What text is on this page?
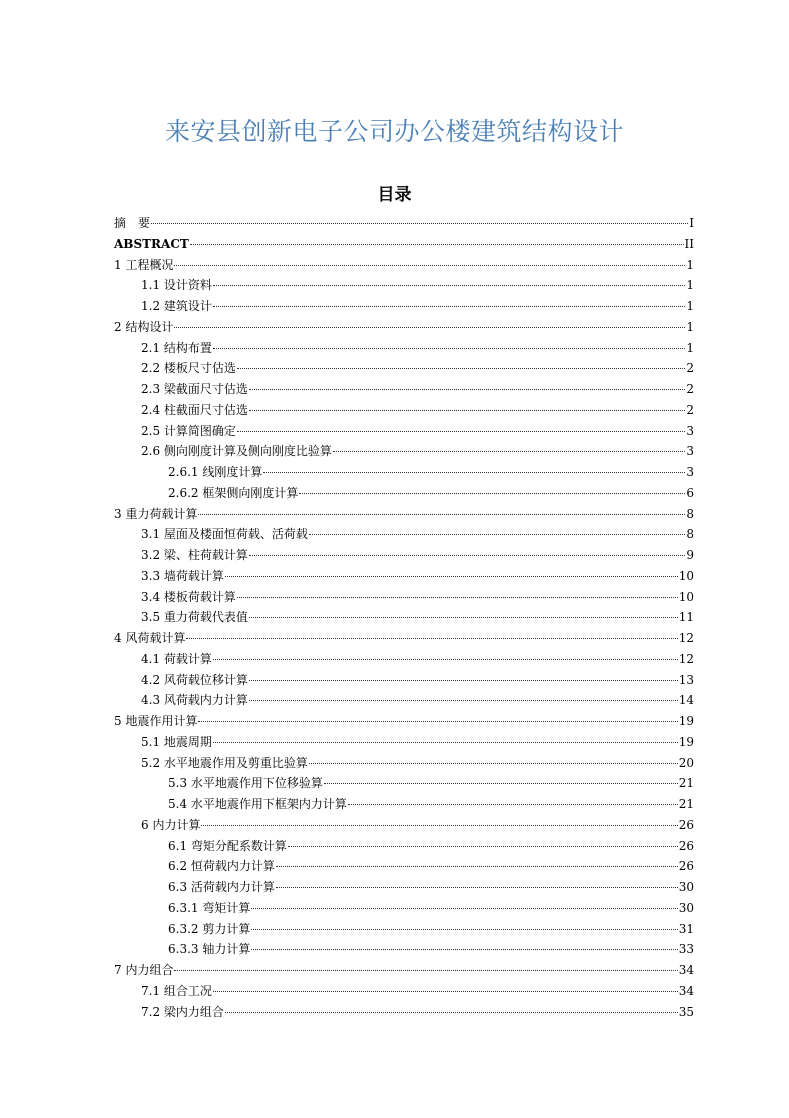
来安县创新电子公司办公楼建筑结构设计
目录
摘　要	I
ABSTRACT	II
1 工程概况	1
1.1 设计资料	1
1.2 建筑设计	1
2 结构设计	1
2.1 结构布置	1
2.2 楼板尺寸估选	2
2.3 梁截面尺寸估选	2
2.4 柱截面尺寸估选	2
2.5 计算简图确定	3
2.6 侧向刚度计算及侧向刚度比验算	3
2.6.1 线刚度计算	3
2.6.2 框架侧向刚度计算	6
3 重力荷载计算	8
3.1 屋面及楼面恒荷载、活荷载	8
3.2 梁、柱荷载计算	9
3.3 墙荷载计算	10
3.4 楼板荷载计算	10
3.5 重力荷载代表值	11
4 风荷载计算	12
4.1 荷载计算	12
4.2 风荷载位移计算	13
4.3 风荷载内力计算	14
5 地震作用计算	19
5.1 地震周期	19
5.2 水平地震作用及剪重比验算	20
5.3 水平地震作用下位移验算	21
5.4 水平地震作用下框架内力计算	21
6 内力计算	26
6.1 弯矩分配系数计算	26
6.2 恒荷载内力计算	26
6.3 活荷载内力计算	30
6.3.1 弯矩计算	30
6.3.2 剪力计算	31
6.3.3 轴力计算	33
7 内力组合	34
7.1 组合工况	34
7.2 梁内力组合	35
